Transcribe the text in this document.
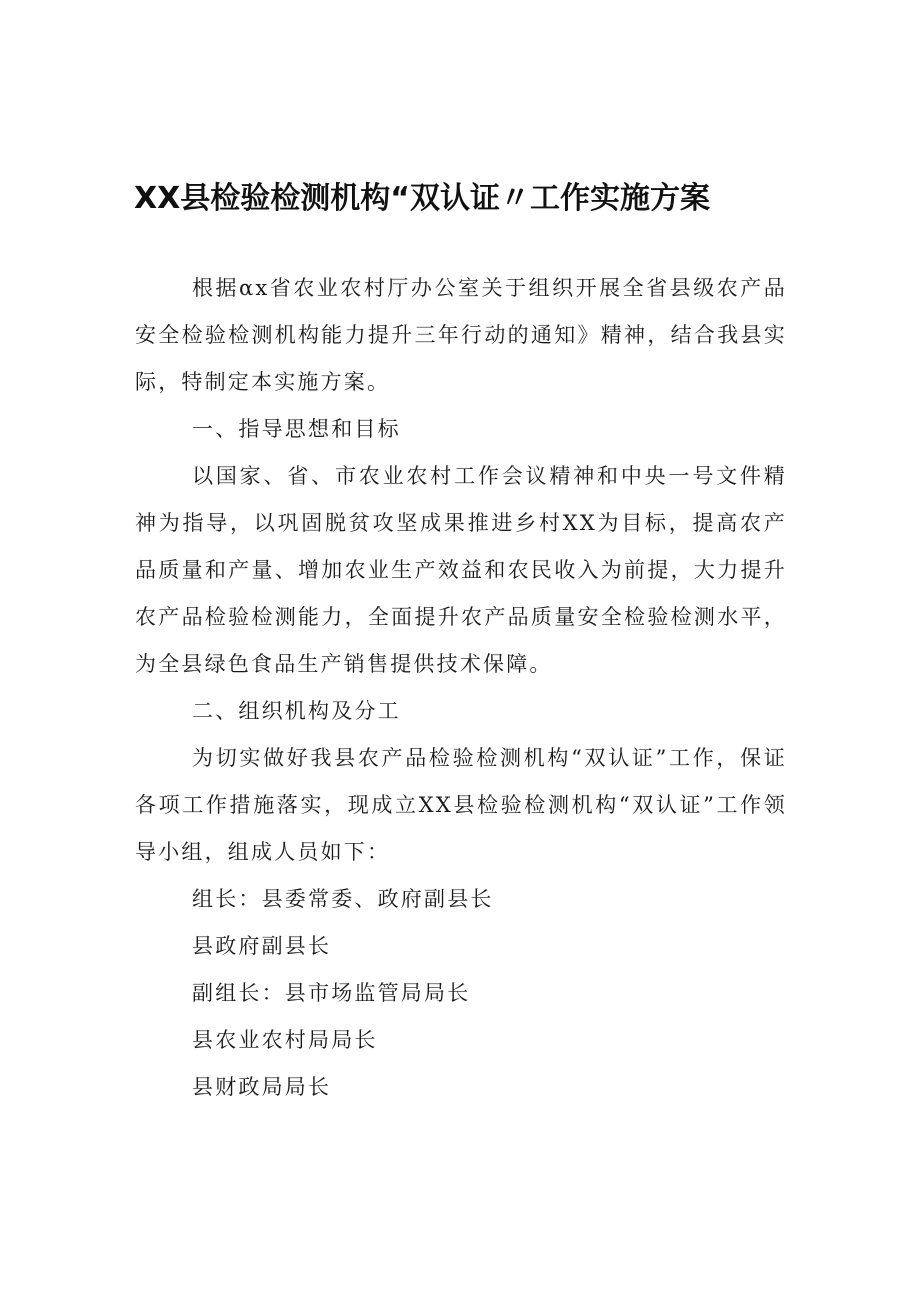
XX县检验检测机构“双认证〃工作实施方案

根据αx省农业农村厅办公室关于组织开展全省县级农产品安全检验检测机构能力提升三年行动的通知》精神，结合我县实际，特制定本实施方案。

一、指导思想和目标

以国家、省、市农业农村工作会议精神和中央一号文件精神为指导，以巩固脱贫攻坚成果推进乡村XX为目标，提高农产品质量和产量、增加农业生产效益和农民收入为前提，大力提升农产品检验检测能力，全面提升农产品质量安全检验检测水平，为全县绿色食品生产销售提供技术保障。

二、组织机构及分工

为切实做好我县农产品检验检测机构“双认证”工作，保证各项工作措施落实，现成立XX县检验检测机构“双认证”工作领导小组，组成人员如下：

组长：县委常委、政府副县长

县政府副县长

副组长：县市场监管局局长

县农业农村局局长

县财政局局长
